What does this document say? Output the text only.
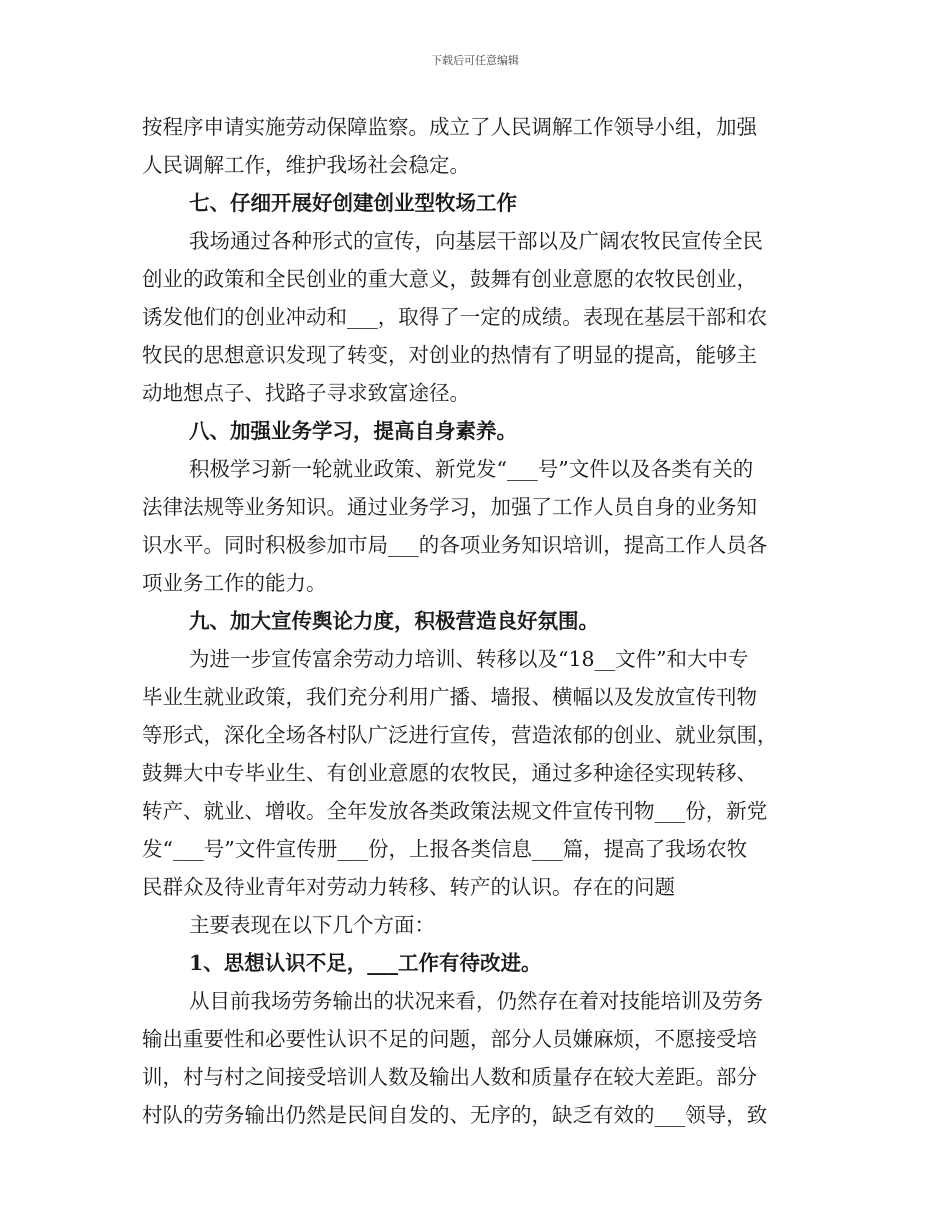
下载后可任意编辑
按程序申请实施劳动保障监察。成立了人民调解工作领导小组，加强
人民调解工作，维护我场社会稳定。
七、仔细开展好创建创业型牧场工作
我场通过各种形式的宣传，向基层干部以及广阔农牧民宣传全民
创业的政策和全民创业的重大意义，鼓舞有创业意愿的农牧民创业，
诱发他们的创业冲动和___，取得了一定的成绩。表现在基层干部和农
牧民的思想意识发现了转变，对创业的热情有了明显的提高，能够主
动地想点子、找路子寻求致富途径。
八、加强业务学习，提高自身素养。
积极学习新一轮就业政策、新党发“___号”文件以及各类有关的
法律法规等业务知识。通过业务学习，加强了工作人员自身的业务知
识水平。同时积极参加市局___的各项业务知识培训，提高工作人员各
项业务工作的能力。
九、加大宣传舆论力度，积极营造良好氛围。
为进一步宣传富余劳动力培训、转移以及“18__文件”和大中专
毕业生就业政策，我们充分利用广播、墙报、横幅以及发放宣传刊物
等形式，深化全场各村队广泛进行宣传，营造浓郁的创业、就业氛围，
鼓舞大中专毕业生、有创业意愿的农牧民，通过多种途径实现转移、
转产、就业、增收。全年发放各类政策法规文件宣传刊物___份，新党
发“___号”文件宣传册___份，上报各类信息___篇，提高了我场农牧
民群众及待业青年对劳动力转移、转产的认识。存在的问题
主要表现在以下几个方面：
1、思想认识不足，___工作有待改进。
从目前我场劳务输出的状况来看，仍然存在着对技能培训及劳务
输出重要性和必要性认识不足的问题，部分人员嫌麻烦，不愿接受培
训，村与村之间接受培训人数及输出人数和质量存在较大差距。部分
村队的劳务输出仍然是民间自发的、无序的，缺乏有效的___领导，致
